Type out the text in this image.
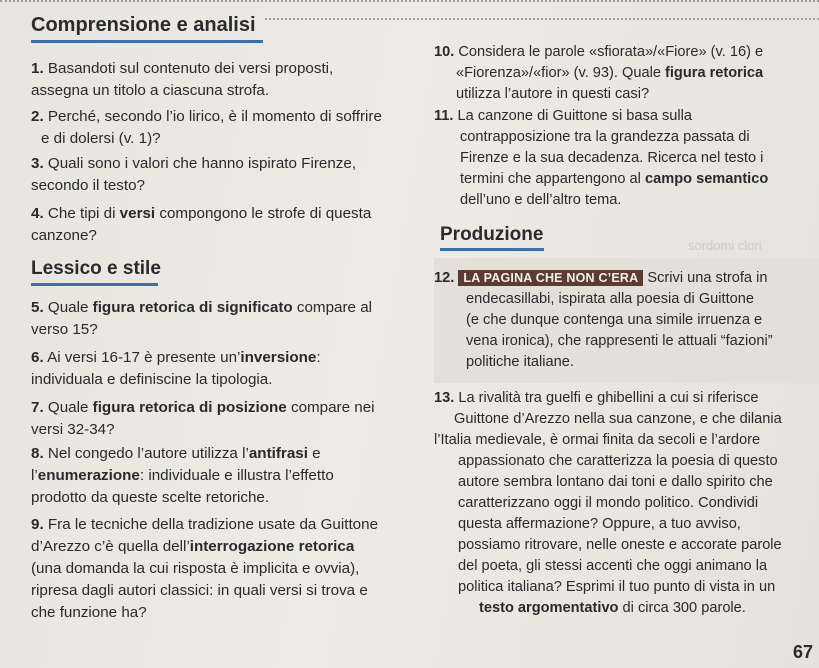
Comprensione e analisi
1. Basandoti sul contenuto dei versi proposti,
assegna un titolo a ciascuna strofa.
2. Perché, secondo l’io lirico, è il momento di soffrire
e di dolersi (v. 1)?
3. Quali sono i valori che hanno ispirato Firenze,
secondo il testo?
4. Che tipi di versi compongono le strofe di questa
canzone?
Lessico e stile
5. Quale figura retorica di significato compare al
verso 15?
6. Ai versi 16-17 è presente un’inversione:
individuala e definiscine la tipologia.
7. Quale figura retorica di posizione compare nei
versi 32-34?
8. Nel congedo l’autore utilizza l’antifrasi e
l’enumerazione: individuale e illustra l’effetto
prodotto da queste scelte retoriche.
9. Fra le tecniche della tradizione usate da Guittone
d’Arezzo c’è quella dell’interrogazione retorica
(una domanda la cui risposta è implicita e ovvia),
ripresa dagli autori classici: in quali versi si trova e
che funzione ha?
10. Considera le parole «sfiorata»/«Fiore» (v. 16) e
«Fiorenza»/«fior» (v. 93). Quale figura retorica
utilizza l’autore in questi casi?
11. La canzone di Guittone si basa sulla
contrapposizione tra la grandezza passata di
Firenze e la sua decadenza. Ricerca nel testo i
termini che appartengono al campo semantico
dell’uno e dell’altro tema.
Produzione
sordomi clori
12. LA PAGINA CHE NON C’ERA Scrivi una strofa in
endecasillabi, ispirata alla poesia di Guittone
(e che dunque contenga una simile irruenza e
vena ironica), che rappresenti le attuali “fazioni”
politiche italiane.
13. La rivalità tra guelfi e ghibellini a cui si riferisce
Guittone d’Arezzo nella sua canzone, e che dilania
l’Italia medievale, è ormai finita da secoli e l’ardore
appassionato che caratterizza la poesia di questo
autore sembra lontano dai toni e dallo spirito che
caratterizzano oggi il mondo politico. Condividi
questa affermazione? Oppure, a tuo avviso,
possiamo ritrovare, nelle oneste e accorate parole
del poeta, gli stessi accenti che oggi animano la
politica italiana? Esprimi il tuo punto di vista in un
testo argomentativo di circa 300 parole.
67
